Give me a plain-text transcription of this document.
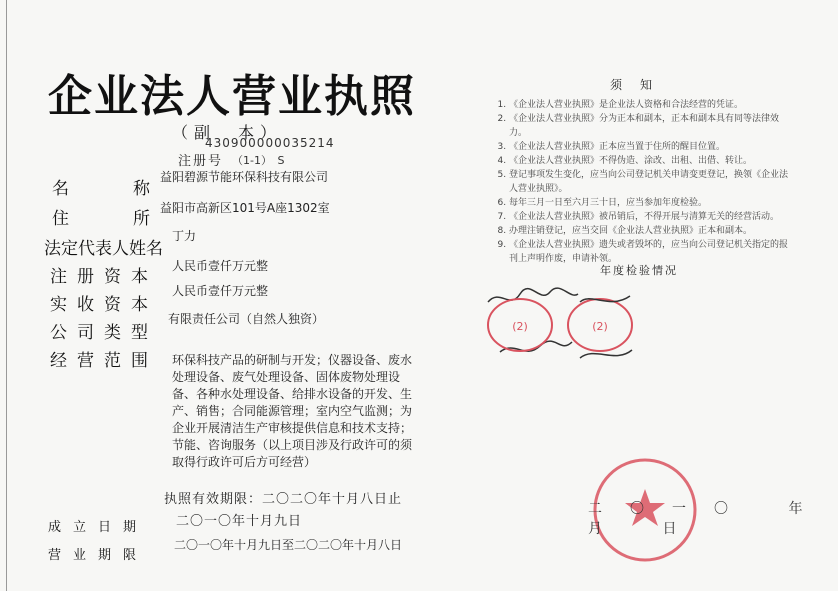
企业法人营业执照
（副　本）
430900000035214
注册号 （1-1）　S
名　　称
住　　所
法定代表人姓名
注册资本
实收资本
公司类型
经营范围
益阳碧源节能环保科技有限公司
益阳市高新区101号A座1302室
丁力
人民币壹仟万元整
人民币壹仟万元整
有限责任公司（自然人独资）
环保科技产品的研制与开发；仪器设备、废水处理设备、废气处理设备、固体废物处理设备、各种水处理设备、给排水设备的开发、生产、销售；合同能源管理；室内空气监测；为企业开展清洁生产审核提供信息和技术支持；节能、咨询服务（以上项目涉及行政许可的须取得行政许可后方可经营）
执照有效期限：二〇二〇年十月八日止
二〇一〇年十月九日
成立日期
营业期限
二〇一〇年十月九日至二〇二〇年十月八日
须知
1. 《企业法人营业执照》是企业法人资格和合法经营的凭证。
2. 《企业法人营业执照》分为正本和副本，正本和副本具有同等法律效力。
3. 《企业法人营业执照》正本应当置于住所的醒目位置。
4. 《企业法人营业执照》不得伪造、涂改、出租、出借、转让。
5. 登记事项发生变化，应当向公司登记机关申请变更登记，换领《企业法人营业执照》。
6. 每年三月一日至六月三十日，应当参加年度检验。
7. 《企业法人营业执照》被吊销后，不得开展与清算无关的经营活动。
8. 办理注销登记，应当交回《企业法人营业执照》正本和副本。
9. 《企业法人营业执照》遗失或者毁坏的，应当向公司登记机关指定的报刊上声明作废，申请补领。
年度检验情况
(2)	(2)
二〇一〇 年 月 日
